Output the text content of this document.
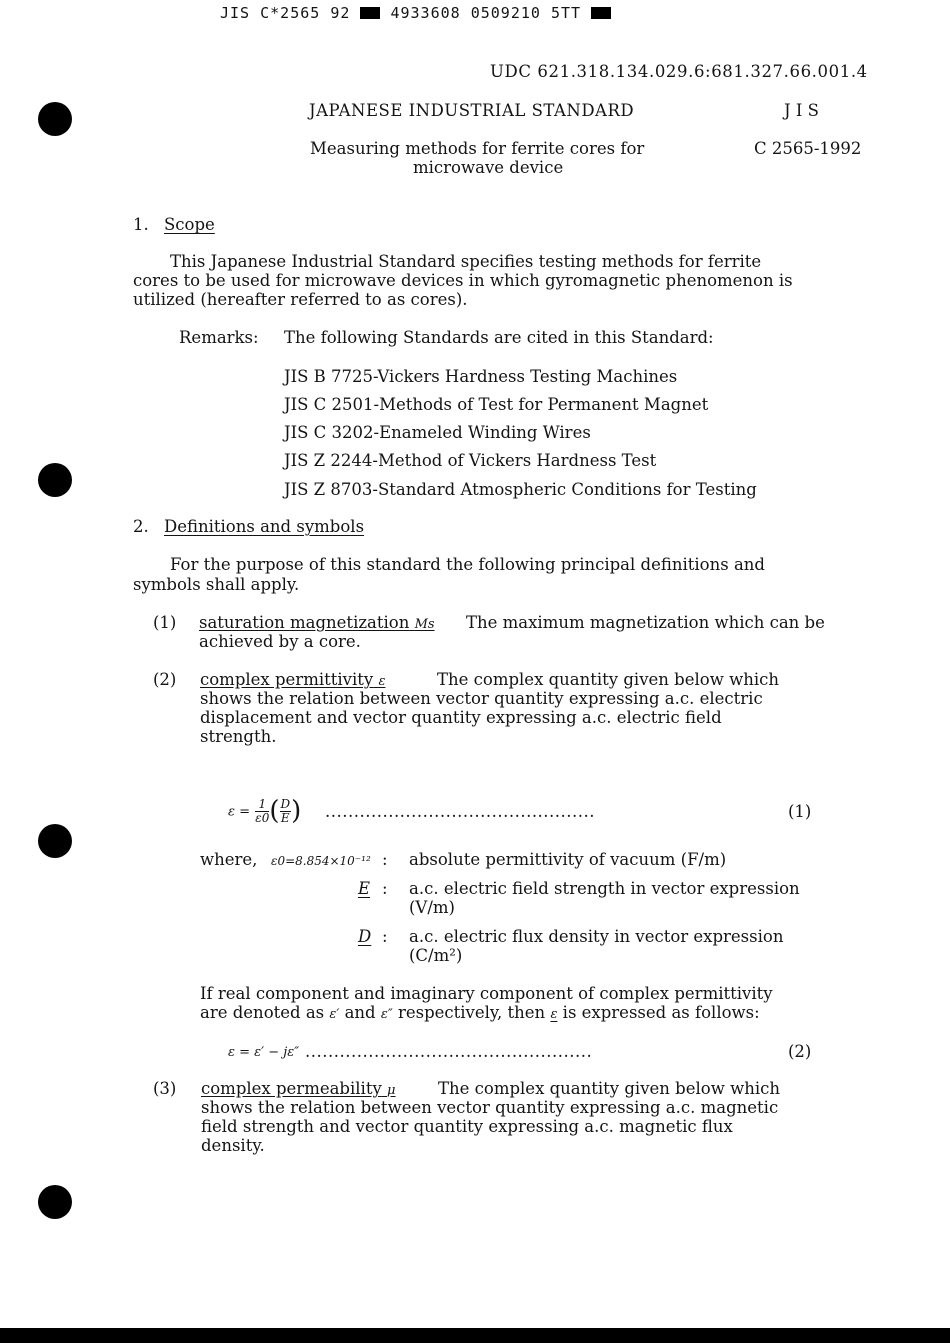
JIS C*2565 92	4933608 0509210 5TT
UDC 621.318.134.029.6:681.327.66.001.4
JAPANESE INDUSTRIAL STANDARD	J I S
Measuring methods for ferrite cores for
microwave device
C 2565-1992
1. Scope
This Japanese Industrial Standard specifies testing methods for ferrite
cores to be used for microwave devices in which gyromagnetic phenomenon is
utilized (hereafter referred to as cores).
Remarks: The following Standards are cited in this Standard:
JIS B 7725-Vickers Hardness Testing Machines
JIS C 2501-Methods of Test for Permanent Magnet
JIS C 3202-Enameled Winding Wires
JIS Z 2244-Method of Vickers Hardness Test
JIS Z 8703-Standard Atmospheric Conditions for Testing
2. Definitions and symbols
For the purpose of this standard the following principal definitions and
symbols shall apply.
(1) saturation magnetization Ms The maximum magnetization which can be
achieved by a core.
(2) complex permittivity ε	The complex quantity given below which
shows the relation between vector quantity expressing a.c. electric
displacement and vector quantity expressing a.c. electric field
strength.
$\varepsilon = \frac{1}{\varepsilon 0}$ ( $\frac{D}{E}$ ) ...............................................	(1)
where, ε0=8.854×10⁻¹² : absolute permittivity of vacuum (F/m)
E : a.c. electric field strength in vector expression
(V/m)
D : a.c. electric flux density in vector expression
(C/m²)
If real component and imaginary component of complex permittivity
are denoted as ε′ and ε″ respectively, then ε is expressed as follows:
ε = ε′ − jε″ ..................................................	(2)
(3) complex permeability μ	The complex quantity given below which
shows the relation between vector quantity expressing a.c. magnetic
field strength and vector quantity expressing a.c. magnetic flux
density.
